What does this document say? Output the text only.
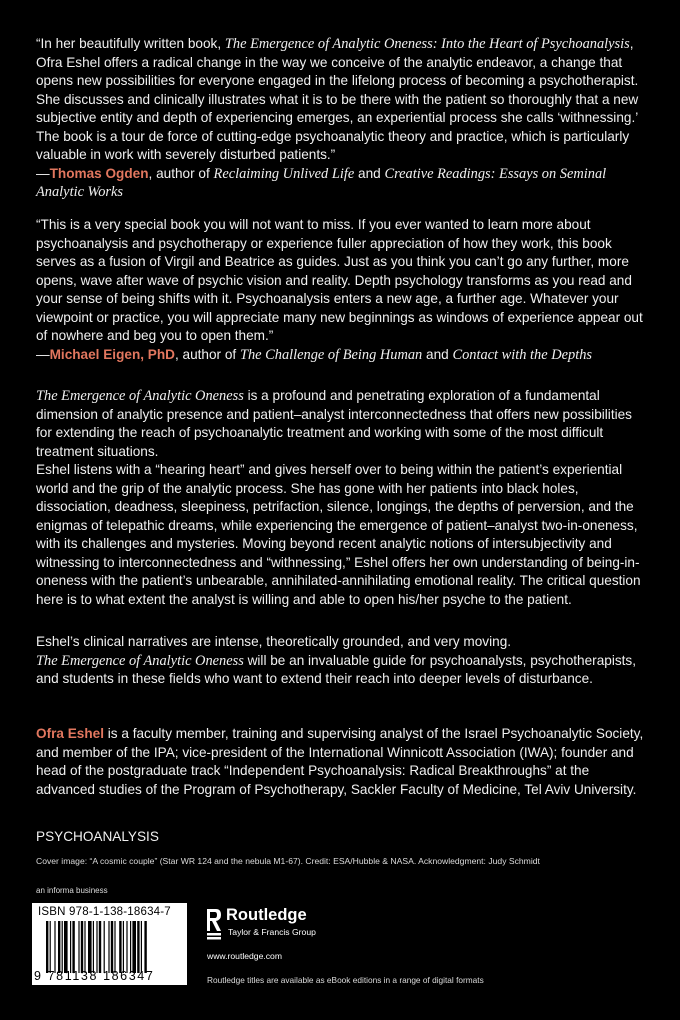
“In her beautifully written book, The Emergence of Analytic Oneness: Into the Heart of Psychoanalysis, Ofra Eshel offers a radical change in the way we conceive of the analytic endeavor, a change that opens new possibilities for everyone engaged in the lifelong process of becoming a psychotherapist. She discusses and clinically illustrates what it is to be there with the patient so thoroughly that a new subjective entity and depth of experiencing emerges, an experiential process she calls ‘withnessing.’ The book is a tour de force of cutting-edge psychoanalytic theory and practice, which is particularly valuable in work with severely disturbed patients.”
—Thomas Ogden, author of Reclaiming Unlived Life and Creative Readings: Essays on Seminal Analytic Works

“This is a very special book you will not want to miss. If you ever wanted to learn more about psychoanalysis and psychotherapy or experience fuller appreciation of how they work, this book serves as a fusion of Virgil and Beatrice as guides. Just as you think you can’t go any further, more opens, wave after wave of psychic vision and reality. Depth psychology transforms as you read and your sense of being shifts with it. Psychoanalysis enters a new age, a further age. Whatever your viewpoint or practice, you will appreciate many new beginnings as windows of experience appear out of nowhere and beg you to open them.”
—Michael Eigen, PhD, author of The Challenge of Being Human and Contact with the Depths

The Emergence of Analytic Oneness is a profound and penetrating exploration of a fundamental dimension of analytic presence and patient–analyst interconnectedness that offers new possibilities for extending the reach of psychoanalytic treatment and working with some of the most difficult treatment situations.

Eshel listens with a “hearing heart” and gives herself over to being within the patient’s experiential world and the grip of the analytic process. She has gone with her patients into black holes, dissociation, deadness, sleepiness, petrifaction, silence, longings, the depths of perversion, and the enigmas of telepathic dreams, while experiencing the emergence of patient–analyst two-in-oneness, with its challenges and mysteries. Moving beyond recent analytic notions of intersubjectivity and witnessing to interconnectedness and “withnessing,” Eshel offers her own understanding of being-in-oneness with the patient’s unbearable, annihilated-annihilating emotional reality. The critical question here is to what extent the analyst is willing and able to open his/her psyche to the patient.

Eshel’s clinical narratives are intense, theoretically grounded, and very moving.
The Emergence of Analytic Oneness will be an invaluable guide for psychoanalysts, psychotherapists, and students in these fields who want to extend their reach into deeper levels of disturbance.

Ofra Eshel is a faculty member, training and supervising analyst of the Israel Psychoanalytic Society, and member of the IPA; vice-president of the International Winnicott Association (IWA); founder and head of the postgraduate track “Independent Psychoanalysis: Radical Breakthroughs” at the advanced studies of the Program of Psychotherapy, Sackler Faculty of Medicine, Tel Aviv University.

PSYCHOANALYSIS

Cover image: “A cosmic couple” (Star WR 124 and the nebula M1-67). Credit: ESA/Hubble & NASA. Acknowledgment: Judy Schmidt

an informa business

ISBN 978-1-138-18634-7
9 781138 186347
Routledge
Taylor & Francis Group
www.routledge.com
Routledge titles are available as eBook editions in a range of digital formats
